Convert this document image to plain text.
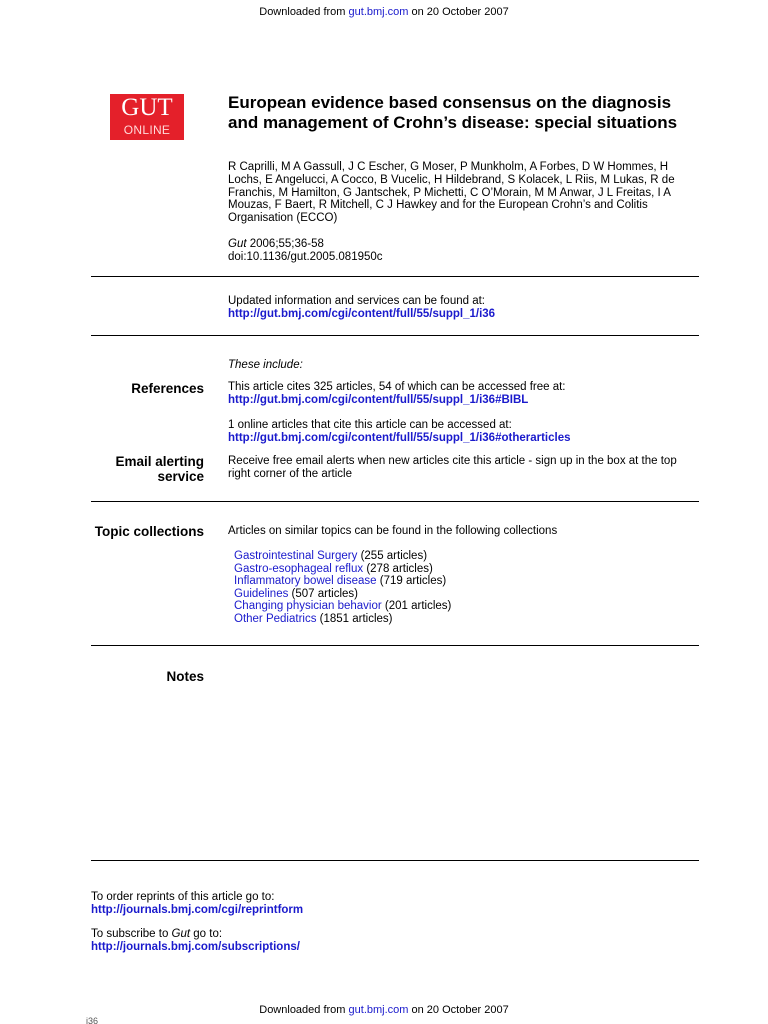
Downloaded from gut.bmj.com on 20 October 2007
GUT
ONLINE
European evidence based consensus on the diagnosis and management of Crohn’s disease: special situations
R Caprilli, M A Gassull, J C Escher, G Moser, P Munkholm, A Forbes, D W Hommes, H Lochs, E Angelucci, A Cocco, B Vucelic, H Hildebrand, S Kolacek, L Riis, M Lukas, R de Franchis, M Hamilton, G Jantschek, P Michetti, C O’Morain, M M Anwar, J L Freitas, I A Mouzas, F Baert, R Mitchell, C J Hawkey and for the European Crohn’s and Colitis Organisation (ECCO)
Gut 2006;55;36-58
doi:10.1136/gut.2005.081950c
Updated information and services can be found at:
http://gut.bmj.com/cgi/content/full/55/suppl_1/i36
These include:
References This article cites 325 articles, 54 of which can be accessed free at:
http://gut.bmj.com/cgi/content/full/55/suppl_1/i36#BIBL
1 online articles that cite this article can be accessed at:
http://gut.bmj.com/cgi/content/full/55/suppl_1/i36#otherarticles
Email alerting
service
Receive free email alerts when new articles cite this article - sign up in the box at the top right corner of the article
Topic collections Articles on similar topics can be found in the following collections
Gastrointestinal Surgery (255 articles)
Gastro-esophageal reflux (278 articles)
Inflammatory bowel disease (719 articles)
Guidelines (507 articles)
Changing physician behavior (201 articles)
Other Pediatrics (1851 articles)
Notes
To order reprints of this article go to:
http://journals.bmj.com/cgi/reprintform
To subscribe to Gut go to:
http://journals.bmj.com/subscriptions/
Downloaded from gut.bmj.com on 20 October 2007
i36
